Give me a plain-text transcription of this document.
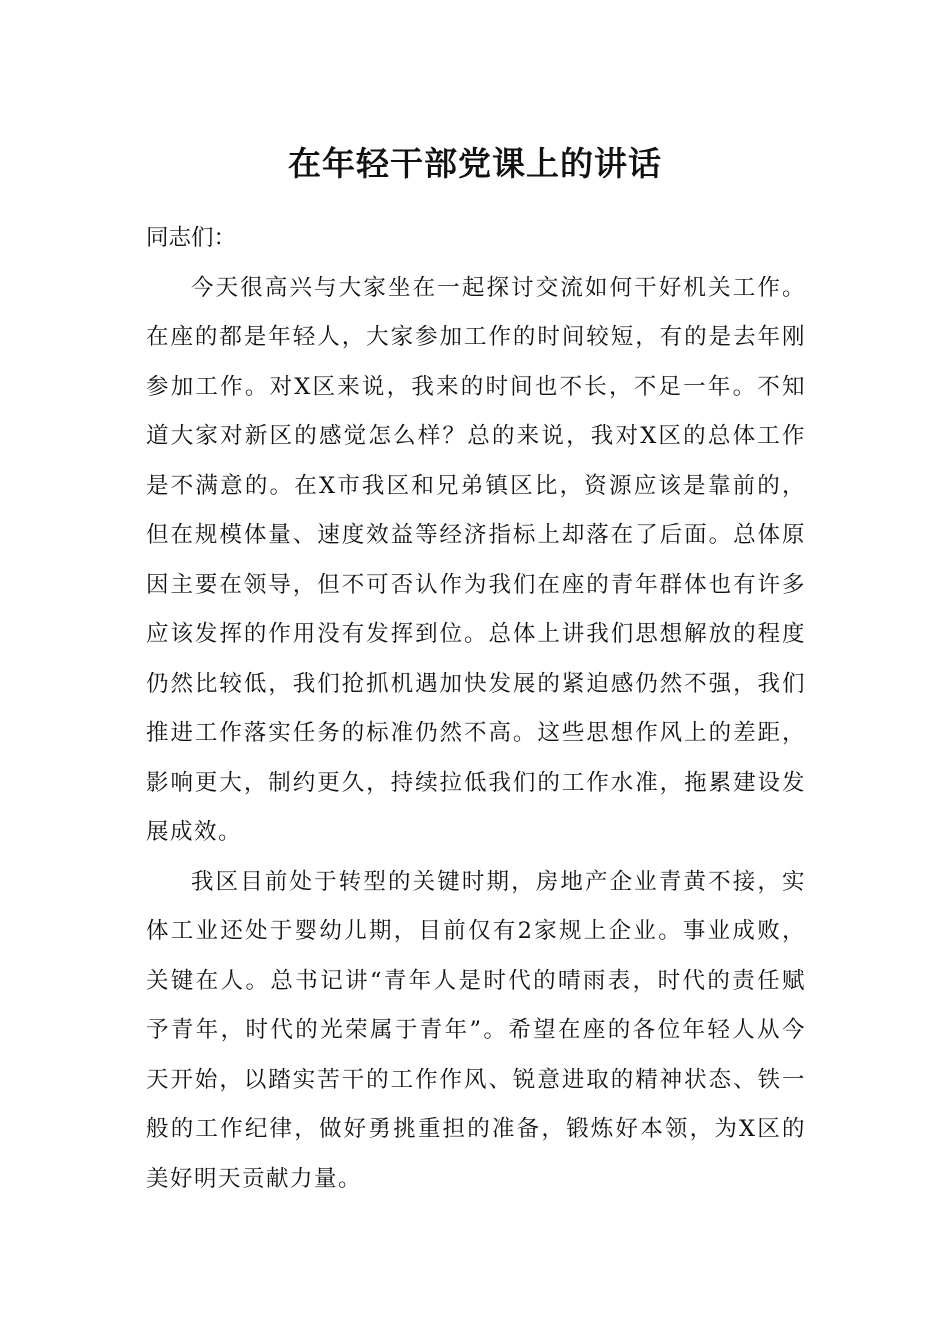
在年轻干部党课上的讲话

同志们：

今天很高兴与大家坐在一起探讨交流如何干好机关工作。在座的都是年轻人，大家参加工作的时间较短，有的是去年刚参加工作。对X区来说，我来的时间也不长，不足一年。不知道大家对新区的感觉怎么样？总的来说，我对X区的总体工作是不满意的。在X市我区和兄弟镇区比，资源应该是靠前的，但在规模体量、速度效益等经济指标上却落在了后面。总体原因主要在领导，但不可否认作为我们在座的青年群体也有许多应该发挥的作用没有发挥到位。总体上讲我们思想解放的程度仍然比较低，我们抢抓机遇加快发展的紧迫感仍然不强，我们推进工作落实任务的标准仍然不高。这些思想作风上的差距，影响更大，制约更久，持续拉低我们的工作水准，拖累建设发展成效。

我区目前处于转型的关键时期，房地产企业青黄不接，实体工业还处于婴幼儿期，目前仅有2家规上企业。事业成败，关键在人。总书记讲“青年人是时代的晴雨表，时代的责任赋予青年，时代的光荣属于青年”。希望在座的各位年轻人从今天开始，以踏实苦干的工作作风、锐意进取的精神状态、铁一般的工作纪律，做好勇挑重担的准备，锻炼好本领，为X区的美好明天贡献力量。
